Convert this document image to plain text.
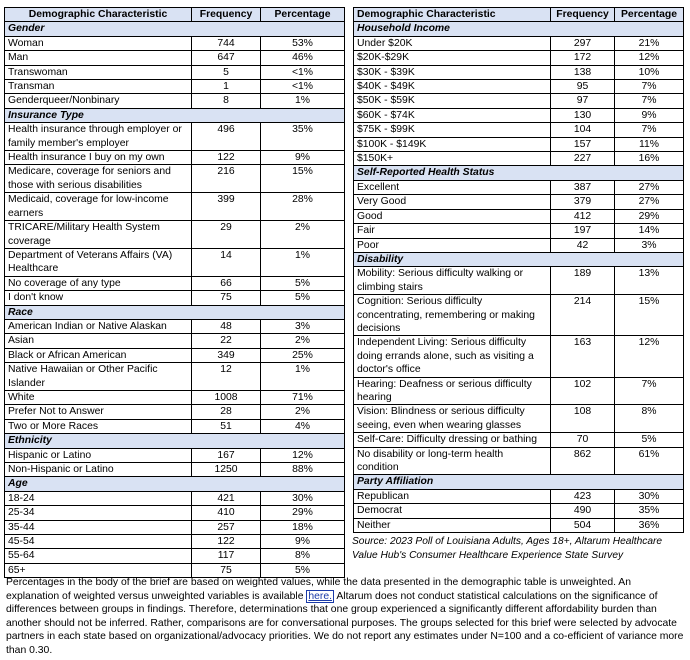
Demographic Characteristic	Frequency	Percentage
Gender		
Woman	744	53%
Man	647	46%
Transwoman	5	<1%
Transman	1	<1%
Genderqueer/Nonbinary	8	1%
Insurance Type		
Health insurance through employer or family member's employer	496	35%
Health insurance I buy on my own	122	9%
Medicare, coverage for seniors and those with serious disabilities	216	15%
Medicaid, coverage for low-income earners	399	28%
TRICARE/Military Health System coverage	29	2%
Department of Veterans Affairs (VA) Healthcare	14	1%
No coverage of any type	66	5%
I don't know	75	5%
Race		
American Indian or Native Alaskan	48	3%
Asian	22	2%
Black or African American	349	25%
Native Hawaiian or Other Pacific Islander	12	1%
White	1008	71%
Prefer Not to Answer	28	2%
Two or More Races	51	4%
Ethnicity		
Hispanic or Latino	167	12%
Non-Hispanic or Latino	1250	88%
Age		
18-24	421	30%
25-34	410	29%
35-44	257	18%
45-54	122	9%
55-64	117	8%
65+	75	5%
Demographic Characteristic	Frequency	Percentage
Household Income		
Under $20K	297	21%
$20K-$29K	172	12%
$30K - $39K	138	10%
$40K - $49K	95	7%
$50K - $59K	97	7%
$60K - $74K	130	9%
$75K - $99K	104	7%
$100K - $149K	157	11%
$150K+	227	16%
Self-Reported Health Status		
Excellent	387	27%
Very Good	379	27%
Good	412	29%
Fair	197	14%
Poor	42	3%
Disability		
Mobility: Serious difficulty walking or climbing stairs	189	13%
Cognition: Serious difficulty concentrating, remembering or making decisions	214	15%
Independent Living: Serious difficulty doing errands alone, such as visiting a doctor's office	163	12%
Hearing: Deafness or serious difficulty hearing	102	7%
Vision: Blindness or serious difficulty seeing, even when wearing glasses	108	8%
Self-Care: Difficulty dressing or bathing	70	5%
No disability or long-term health condition	862	61%
Party Affiliation		
Republican	423	30%
Democrat	490	35%
Neither	504	36%
Source: 2023 Poll of Louisiana Adults, Ages 18+, Altarum Healthcare Value Hub's Consumer Healthcare Experience State Survey
Percentages in the body of the brief are based on weighted values, while the data presented in the demographic table is unweighted. An explanation of weighted versus unweighted variables is available here. Altarum does not conduct statistical calculations on the significance of differences between groups in findings. Therefore, determinations that one group experienced a significantly different affordability burden than another should not be inferred. Rather, comparisons are for conversational purposes. The groups selected for this brief were selected by advocate partners in each state based on organizational/advocacy priorities. We do not report any estimates under N=100 and a co-efficient of variance more than 0.30.
